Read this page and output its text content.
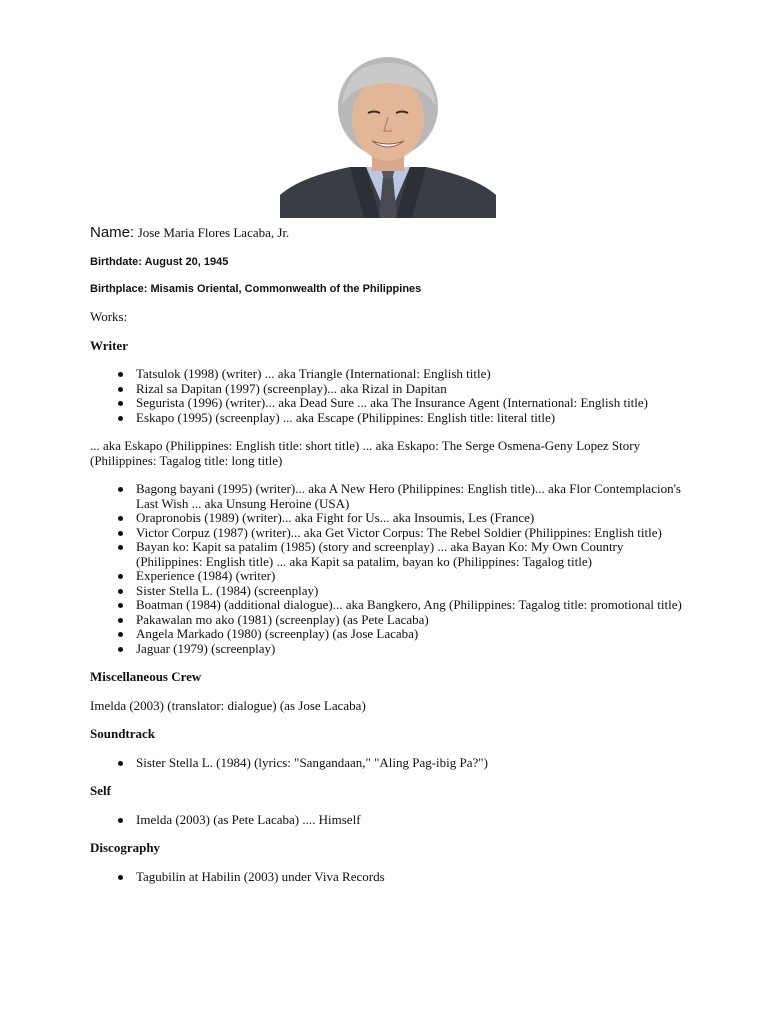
Name: Jose Maria Flores Lacaba, Jr.

Birthdate: August 20, 1945

Birthplace: Misamis Oriental, Commonwealth of the Philippines

Works:

Writer

Tatsulok (1998) (writer) ... aka Triangle (International: English title)
Rizal sa Dapitan (1997) (screenplay)... aka Rizal in Dapitan
Segurista (1996) (writer)... aka Dead Sure ... aka The Insurance Agent (International: English title)
Eskapo (1995) (screenplay) ... aka Escape (Philippines: English title: literal title)

... aka Eskapo (Philippines: English title: short title) ... aka Eskapo: The Serge Osmena-Geny Lopez Story (Philippines: Tagalog title: long title)

Bagong bayani (1995) (writer)... aka A New Hero (Philippines: English title)... aka Flor Contemplacion's Last Wish ... aka Unsung Heroine (USA)
Orapronobis (1989) (writer)... aka Fight for Us... aka Insoumis, Les (France)
Victor Corpuz (1987) (writer)... aka Get Victor Corpus: The Rebel Soldier (Philippines: English title)
Bayan ko: Kapit sa patalim (1985) (story and screenplay) ... aka Bayan Ko: My Own Country (Philippines: English title) ... aka Kapit sa patalim, bayan ko (Philippines: Tagalog title)
Experience (1984) (writer)
Sister Stella L. (1984) (screenplay)
Boatman (1984) (additional dialogue)... aka Bangkero, Ang (Philippines: Tagalog title: promotional title)
Pakawalan mo ako (1981) (screenplay) (as Pete Lacaba)
Angela Markado (1980) (screenplay) (as Jose Lacaba)
Jaguar (1979) (screenplay)

Miscellaneous Crew

Imelda (2003) (translator: dialogue) (as Jose Lacaba)

Soundtrack

Sister Stella L. (1984) (lyrics: "Sangandaan," "Aling Pag-ibig Pa?")

Self

Imelda (2003) (as Pete Lacaba) .... Himself

Discography

Tagubilin at Habilin (2003) under Viva Records
